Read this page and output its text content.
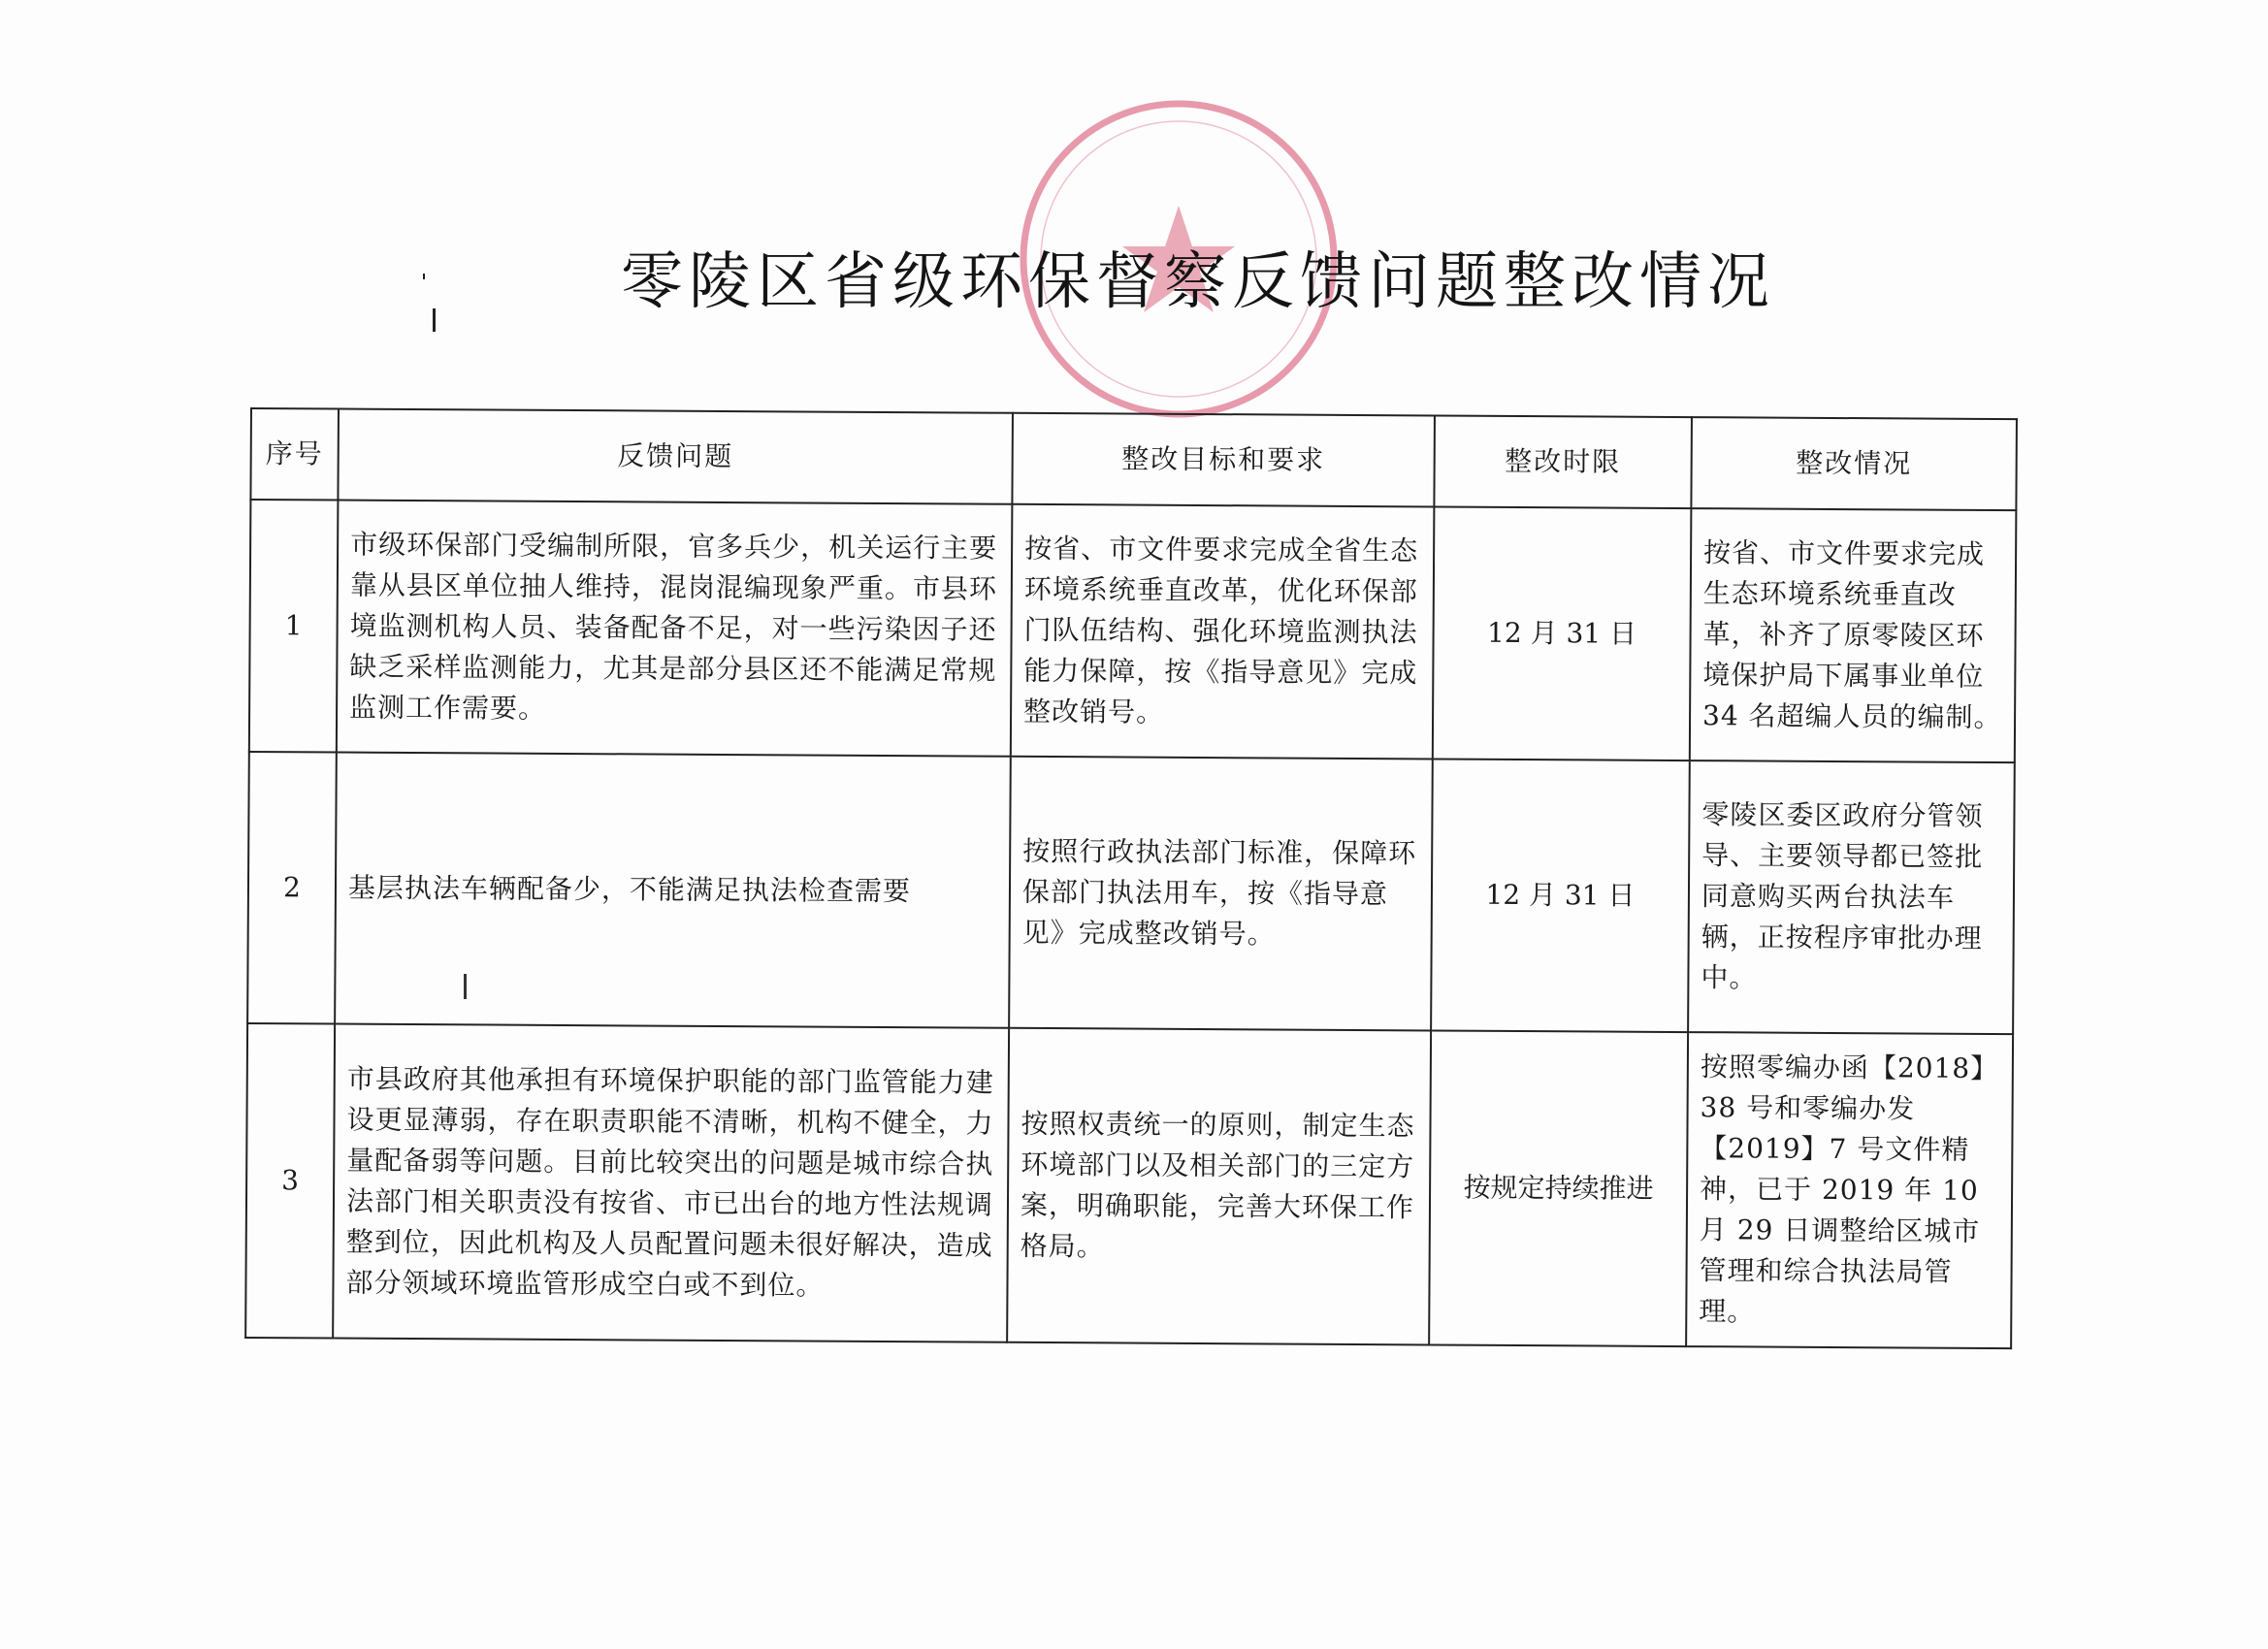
零陵区省级环保督察反馈问题整改情况
序号	反馈问题	整改目标和要求	整改时限	整改情况
1	市级环保部门受编制所限，官多兵少，机关运行主要靠从县区单位抽人维持，混岗混编现象严重。市县环境监测机构人员、装备配备不足，对一些污染因子还缺乏采样监测能力，尤其是部分县区还不能满足常规监测工作需要。	按省、市文件要求完成全省生态环境系统垂直改革，优化环保部门队伍结构、强化环境监测执法能力保障，按《指导意见》完成整改销号。	12 月 31 日	按省、市文件要求完成生态环境系统垂直改革，补齐了原零陵区环境保护局下属事业单位 34 名超编人员的编制。
2	基层执法车辆配备少，不能满足执法检查需要	按照行政执法部门标准，保障环保部门执法用车，按《指导意见》完成整改销号。	12 月 31 日	零陵区委区政府分管领导、主要领导都已签批同意购买两台执法车辆，正按程序审批办理中。
3	市县政府其他承担有环境保护职能的部门监管能力建设更显薄弱，存在职责职能不清晰，机构不健全，力量配备弱等问题。目前比较突出的问题是城市综合执法部门相关职责没有按省、市已出台的地方性法规调整到位，因此机构及人员配置问题未很好解决，造成部分领域环境监管形成空白或不到位。	按照权责统一的原则，制定生态环境部门以及相关部门的三定方案，明确职能，完善大环保工作格局。	按规定持续推进	按照零编办函【2018】38 号和零编办发【2019】7 号文件精神，已于 2019 年 10 月 29 日调整给区城市管理和综合执法局管理。
